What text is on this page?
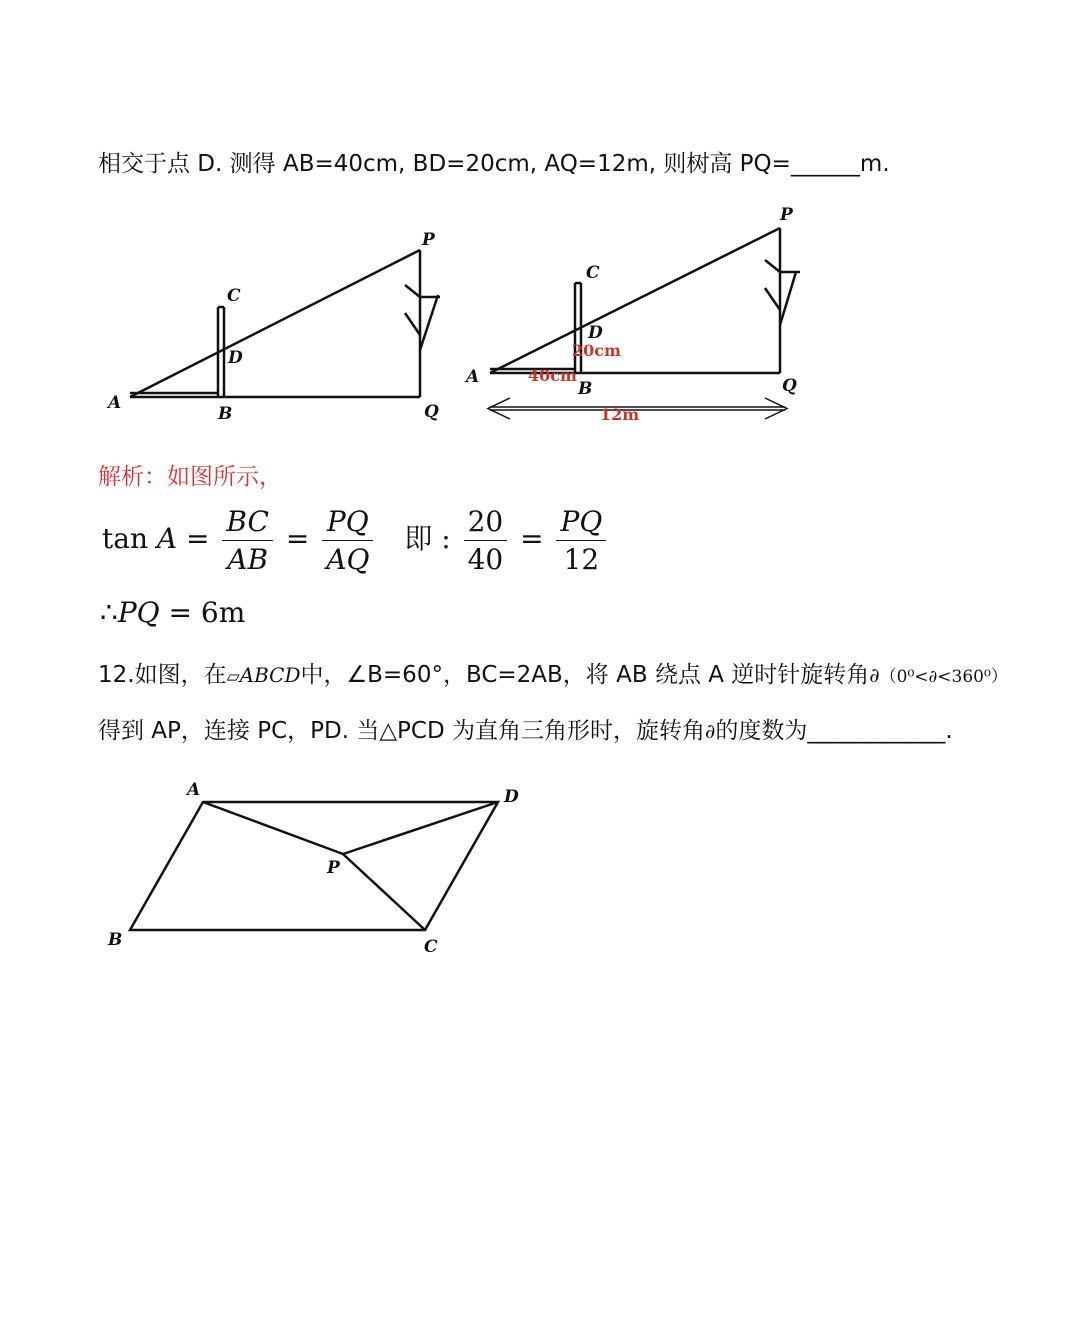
相交于点 D. 测得 AB=40cm, BD=20cm, AQ=12m, 则树高 PQ=______m.
A
B
C
D
P
Q
A
B
C
D
P
Q
40cm
20cm
12m
解析：如图所示，
$\tan A = \frac{BC}{AB} = \frac{PQ}{AQ}$ 即 : $\frac{20}{40} = \frac{PQ}{12}$
∴PQ = 6m
12.如图，在▱ABCD中，∠B=60°，BC=2AB，将 AB 绕点 A 逆时针旋转角∂（0⁰<∂<360⁰）
得到 AP，连接 PC，PD. 当△PCD 为直角三角形时，旋转角∂的度数为____________.
A	D
P
B	C
